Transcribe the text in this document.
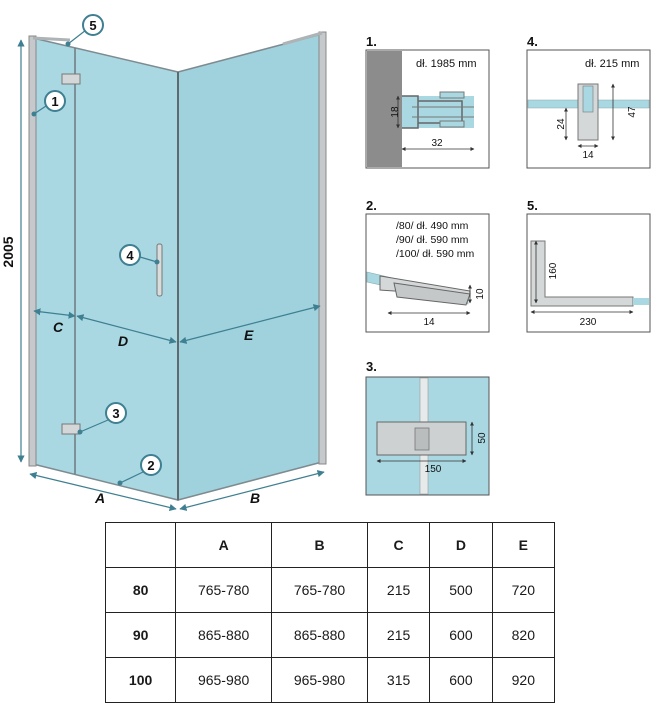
2005
C
D	E
A	B
5
1
4
3
2
1.
dł. 1985 mm
18
32
4.
dł. 215 mm
24
47
14
2.
/80/ dł. 490 mm
/90/ dł. 590 mm
/100/ dł. 590 mm
10
14
5.
160
230
3.
50
150
	A	B	C	D	E
80	765-780	765-780	215	500	720
90	865-880	865-880	215	600	820
100	965-980	965-980	315	600	920
